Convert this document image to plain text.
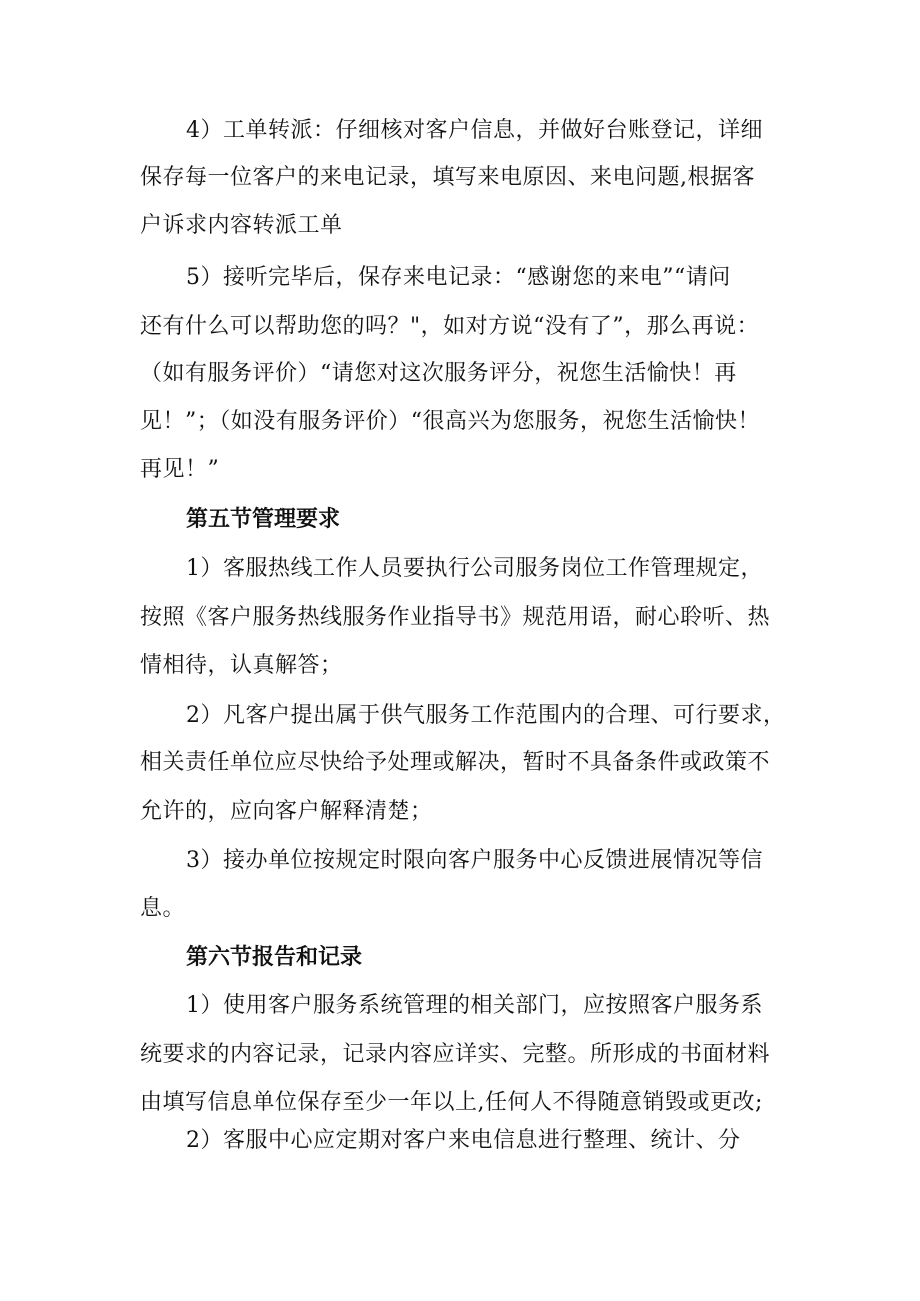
4）工单转派：仔细核对客户信息，并做好台账登记，详细
保存每一位客户的来电记录，填写来电原因、来电问题,根据客
户诉求内容转派工单
5）接听完毕后，保存来电记录：“感谢您的来电”“请问
还有什么可以帮助您的吗？"，如对方说“没有了”，那么再说：
（如有服务评价）“请您对这次服务评分，祝您生活愉快！再
见！”；（如没有服务评价）“很高兴为您服务，祝您生活愉快！
再见！”
第五节管理要求
1）客服热线工作人员要执行公司服务岗位工作管理规定，
按照《客户服务热线服务作业指导书》规范用语，耐心聆听、热
情相待，认真解答；
2）凡客户提出属于供气服务工作范围内的合理、可行要求，
相关责任单位应尽快给予处理或解决，暂时不具备条件或政策不
允许的，应向客户解释清楚；
3）接办单位按规定时限向客户服务中心反馈进展情况等信
息。
第六节报告和记录
1）使用客户服务系统管理的相关部门，应按照客户服务系
统要求的内容记录，记录内容应详实、完整。所形成的书面材料
由填写信息单位保存至少一年以上,任何人不得随意销毁或更改;
2）客服中心应定期对客户来电信息进行整理、统计、分
